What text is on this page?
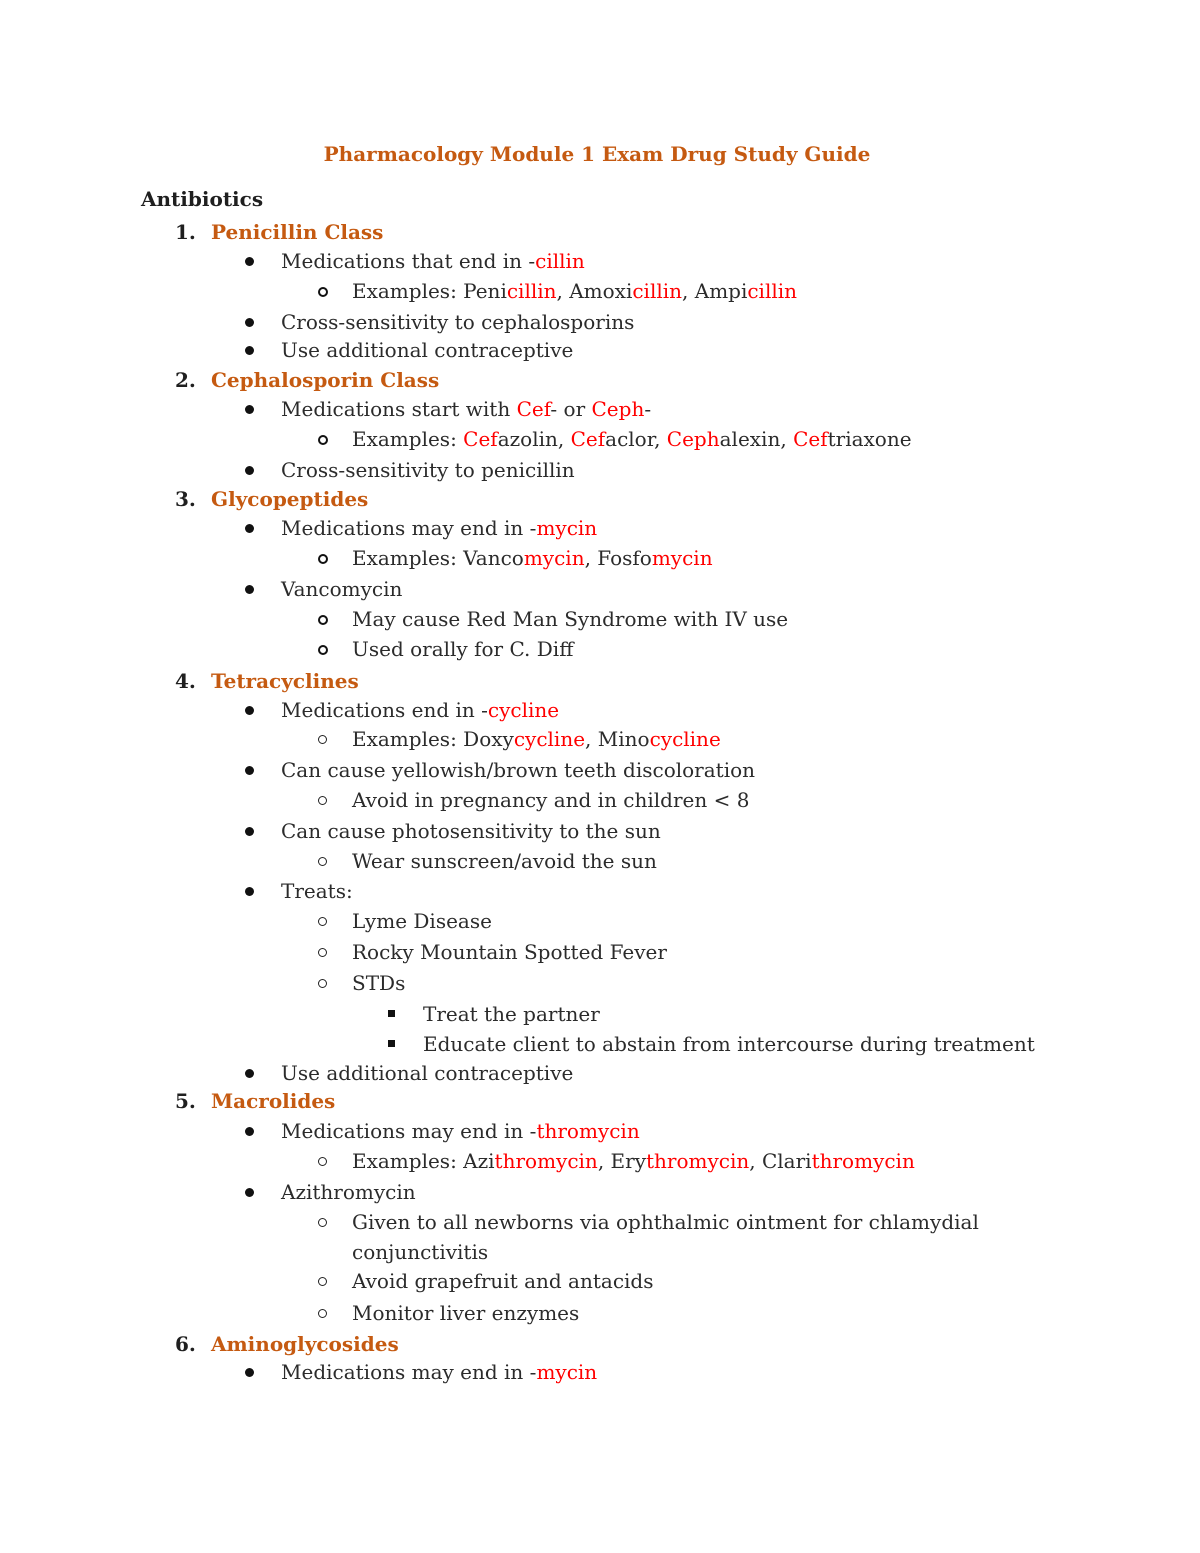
Pharmacology Module 1 Exam Drug Study Guide
Antibiotics
1. Penicillin Class
Medications that end in -cillin
Examples: Penicillin, Amoxicillin, Ampicillin
Cross-sensitivity to cephalosporins
Use additional contraceptive
2. Cephalosporin Class
Medications start with Cef- or Ceph-
Examples: Cefazolin, Cefaclor, Cephalexin, Ceftriaxone
Cross-sensitivity to penicillin
3. Glycopeptides
Medications may end in -mycin
Examples: Vancomycin, Fosfomycin
Vancomycin
May cause Red Man Syndrome with IV use
Used orally for C. Diff
4. Tetracyclines
Medications end in -cycline
Examples: Doxycycline, Minocycline
Can cause yellowish/brown teeth discoloration
Avoid in pregnancy and in children < 8
Can cause photosensitivity to the sun
Wear sunscreen/avoid the sun
Treats:
Lyme Disease
Rocky Mountain Spotted Fever
STDs
Treat the partner
Educate client to abstain from intercourse during treatment
Use additional contraceptive
5. Macrolides
Medications may end in -thromycin
Examples: Azithromycin, Erythromycin, Clarithromycin
Azithromycin
Given to all newborns via ophthalmic ointment for chlamydial
conjunctivitis
Avoid grapefruit and antacids
Monitor liver enzymes
6. Aminoglycosides
Medications may end in -mycin
